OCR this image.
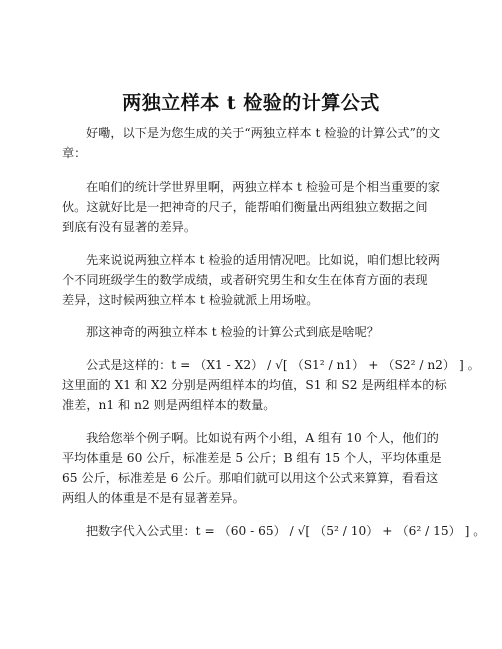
两独立样本 t 检验的计算公式
好嘞，以下是为您生成的关于“两独立样本 t 检验的计算公式”的文
章：
在咱们的统计学世界里啊，两独立样本 t 检验可是个相当重要的家
伙。这就好比是一把神奇的尺子，能帮咱们衡量出两组独立数据之间
到底有没有显著的差异。
先来说说两独立样本 t 检验的适用情况吧。比如说，咱们想比较两
个不同班级学生的数学成绩，或者研究男生和女生在体育方面的表现
差异，这时候两独立样本 t 检验就派上用场啦。
那这神奇的两独立样本 t 检验的计算公式到底是啥呢？
公式是这样的：t = （X1 - X2） / √[ （S1² / n1） + （S2² / n2） ] 。
这里面的 X1 和 X2 分别是两组样本的均值，S1 和 S2 是两组样本的标
准差，n1 和 n2 则是两组样本的数量。
我给您举个例子啊。比如说有两个小组，A 组有 10 个人，他们的
平均体重是 60 公斤，标准差是 5 公斤；B 组有 15 个人，平均体重是
65 公斤，标准差是 6 公斤。那咱们就可以用这个公式来算算，看看这
两组人的体重是不是有显著差异。
把数字代入公式里：t = （60 - 65） / √[ （5² / 10） + （6² / 15） ] 。
